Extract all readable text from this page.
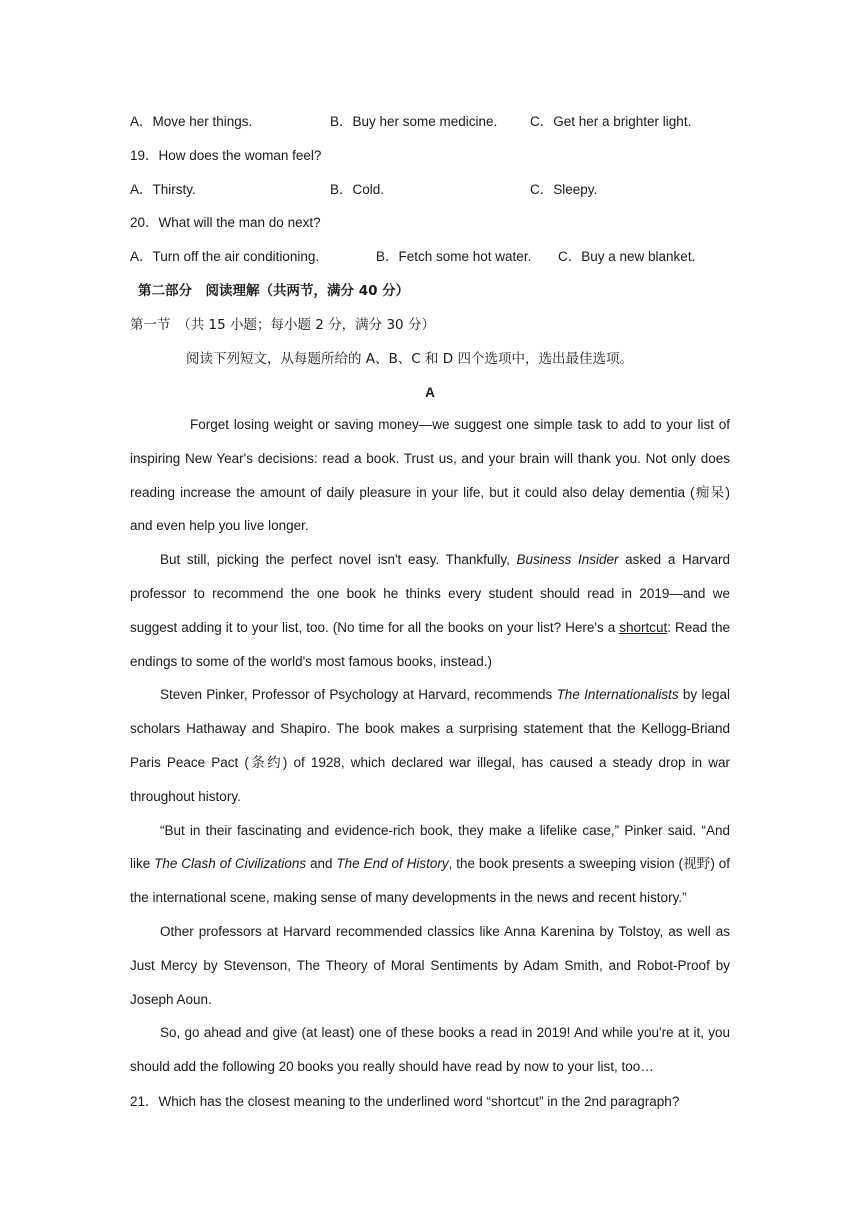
A．Move her things.	B．Buy her some medicine. C．Get her a brighter light.
19．How does the woman feel?
A．Thirsty.	B．Cold.	C．Sleepy.
20．What will the man do next?
A．Turn off the air conditioning.	B．Fetch some hot water. C．Buy a new blanket.
第二部分　阅读理解（共两节，满分 40 分）
第一节　（共 15 小题；每小题 2 分，满分 30 分）
阅读下列短文，从每题所给的 A、B、C 和 D 四个选项中，选出最佳选项。
A

Forget losing weight or saving money—we suggest one simple task to add to your list of inspiring New Year's decisions: read a book. Trust us, and your brain will thank you. Not only does reading increase the amount of daily pleasure in your life, but it could also delay dementia (痴呆) and even help you live longer.

But still, picking the perfect novel isn't easy. Thankfully, Business Insider asked a Harvard professor to recommend the one book he thinks every student should read in 2019—and we suggest adding it to your list, too. (No time for all the books on your list? Here's a shortcut: Read the endings to some of the world's most famous books, instead.)

Steven Pinker, Professor of Psychology at Harvard, recommends The Internationalists by legal scholars Hathaway and Shapiro. The book makes a surprising statement that the Kellogg-Briand Paris Peace Pact (条约) of 1928, which declared war illegal, has caused a steady drop in war throughout history.

“But in their fascinating and evidence-rich book, they make a lifelike case,” Pinker said. “And like The Clash of Civilizations and The End of History, the book presents a sweeping vision (视野) of the international scene, making sense of many developments in the news and recent history.”

Other professors at Harvard recommended classics like Anna Karenina by Tolstoy, as well as Just Mercy by Stevenson, The Theory of Moral Sentiments by Adam Smith, and Robot-Proof by Joseph Aoun.

So, go ahead and give (at least) one of these books a read in 2019! And while you're at it, you should add the following 20 books you really should have read by now to your list, too…

21．Which has the closest meaning to the underlined word “shortcut” in the 2nd paragraph?
